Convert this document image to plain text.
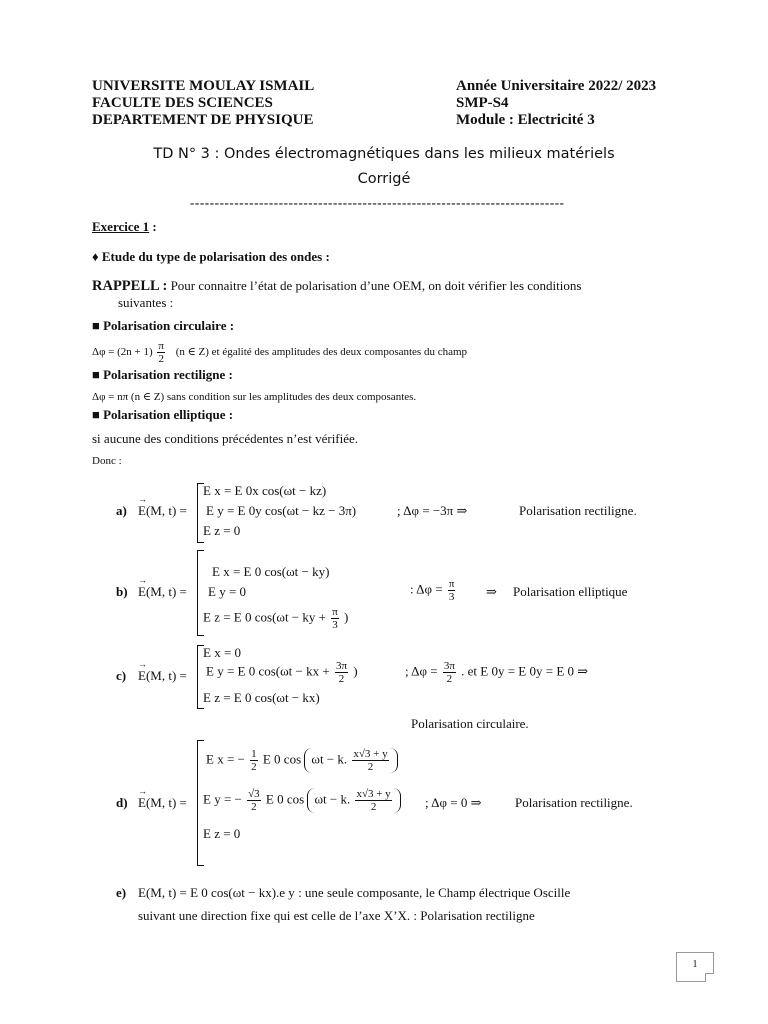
UNIVERSITE MOULAY ISMAIL
FACULTE DES SCIENCES
DEPARTEMENT DE PHYSIQUE
Année Universitaire 2022/ 2023
SMP-S4
Module : Electricité 3
TD N° 3 : Ondes électromagnétiques dans les milieux matériels
Corrigé
----------------------------------------------------------------------------
Exercice 1 :
♦ Etude du type de polarisation des ondes :
RAPPELL : Pour connaitre l’état de polarisation d’une OEM, on doit vérifier les conditions
suivantes :
■ Polarisation circulaire :
$\Delta\varphi = (2n + 1) \frac{\pi}{2} (n$ ∈ Z) et égalité des amplitudes des deux composantes du champ
■ Polarisation rectiligne :
Δφ = nπ (n ∈ Z) sans condition sur les amplitudes des deux composantes.
■ Polarisation elliptique :
si aucune des conditions précédentes n’est vérifiée.
Donc :
a) → E(M, t) =
E x = E 0x cos(ωt − kz)
E y = E 0y cos(ωt − kz − 3π)
E z = 0
; Δφ = −3π ⇒	Polarisation rectiligne.
b) → E(M, t) =
E x = E 0 cos(ωt − ky)
E y = 0
E z = E 0 cos(ωt − ky + $\frac{\pi}{3}$ )
: $\Delta\varphi = \frac{\pi}{3}$ ⇒ Polarisation elliptique
c) → E(M, t) =
E x = 0
E y = E 0 cos(ωt − kx + $\frac{3\pi}{2}$ )
E z = E 0 cos(ωt − kx)
; $\Delta\varphi = \frac{3\pi}{2}$ . et E 0y = E 0y = E 0 ⇒
Polarisation circulaire.
d) → E(M, t) =
E x = − $\frac{1}{2}$ E 0 cos ωt − k. $\frac{x√3 + y}{2}$
E y = − $\frac{√3}{2}$ E 0 cos ωt − k. $\frac{x√3 + y}{2}$
E z = 0
; Δφ = 0 ⇒	Polarisation rectiligne.
e) E(M, t) = E 0 cos(ωt − kx).e y : une seule composante, le Champ électrique Oscille
suivant une direction fixe qui est celle de l’axe X’X. : Polarisation rectiligne
1
